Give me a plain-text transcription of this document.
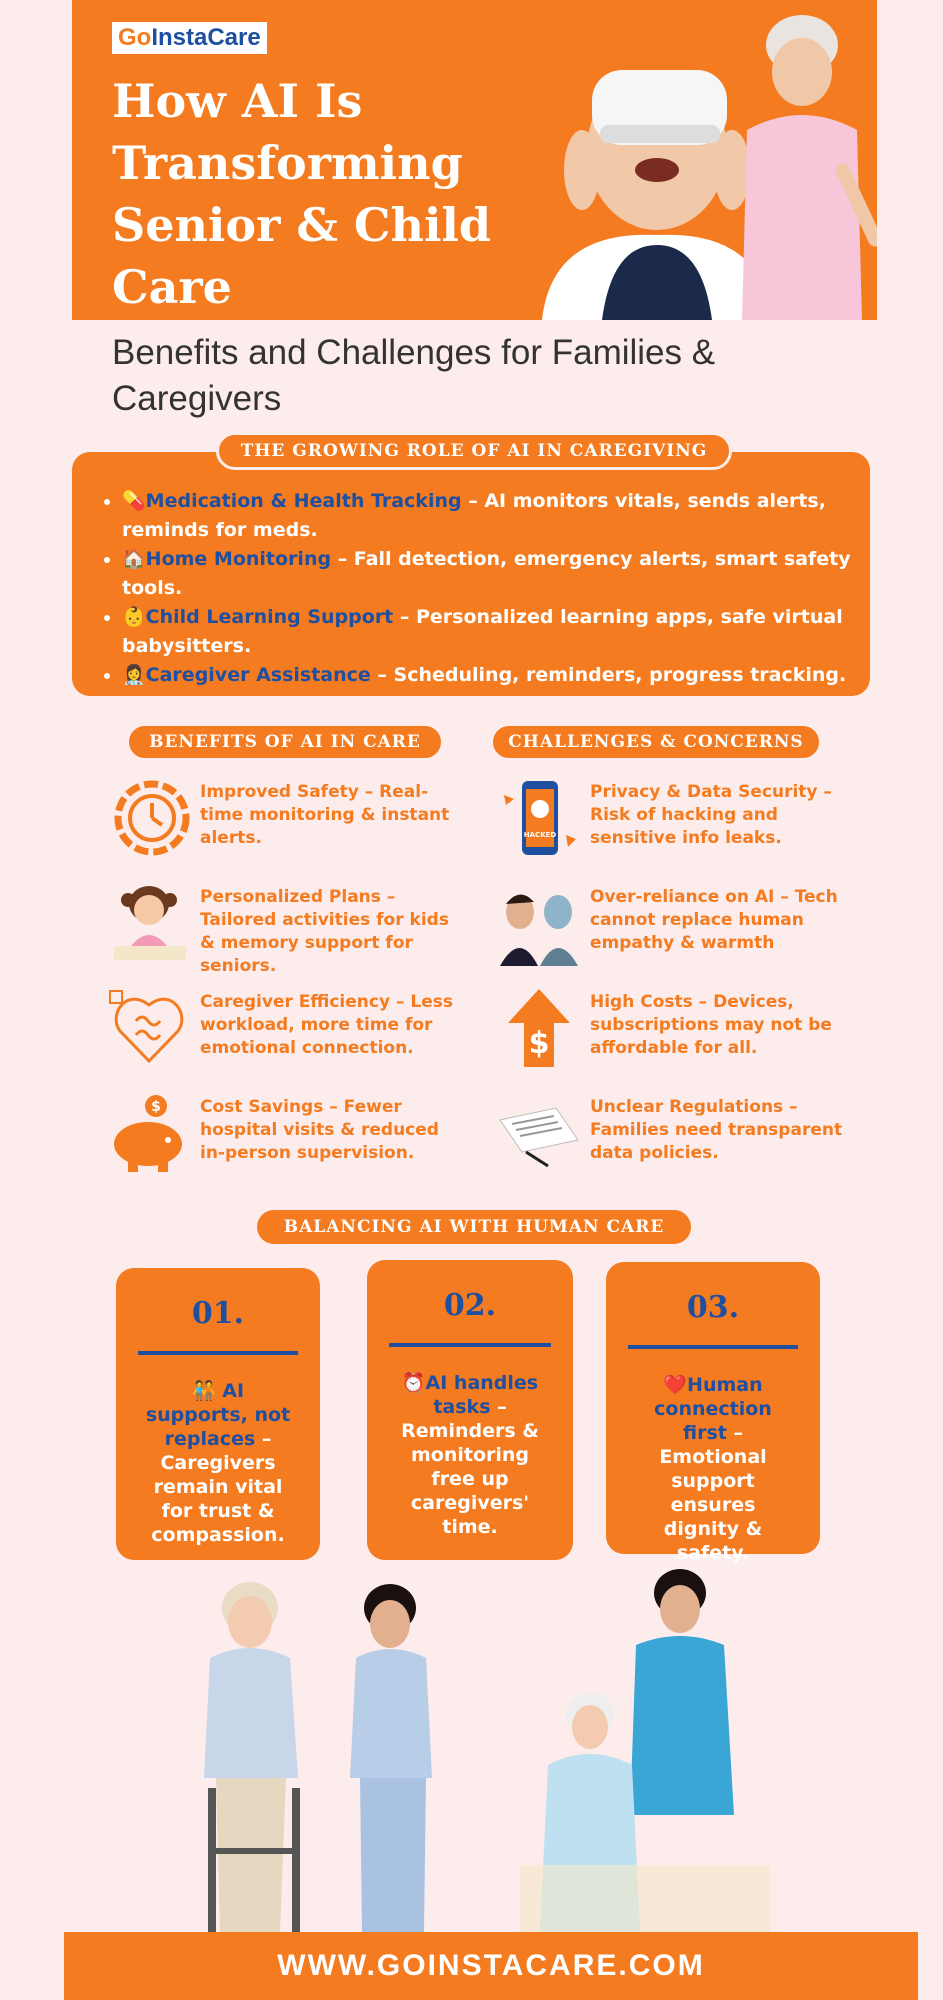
GoInstaCare
How AI Is Transforming Senior & Child Care
Benefits and Challenges for Families & Caregivers
• 💊Medication & Health Tracking – AI monitors vitals, sends alerts, reminds for meds.
• 🏠Home Monitoring – Fall detection, emergency alerts, smart safety tools.
• 👶Child Learning Support – Personalized learning apps, safe virtual babysitters.
• 👩‍⚕️Caregiver Assistance – Scheduling, reminders, progress tracking.
THE GROWING ROLE OF AI IN CAREGIVING
BENEFITS OF AI IN CARE	CHALLENGES & CONCERNS
Improved Safety – Real-time monitoring & instant alerts.
Personalized Plans – Tailored activities for kids & memory support for seniors.
Caregiver Efficiency – Less workload, more time for emotional connection.
$ Cost Savings – Fewer hospital visits & reduced in-person supervision.
HACKED
Privacy & Data Security – Risk of hacking and sensitive info leaks.
Over-reliance on AI – Tech cannot replace human empathy & warmth
$
High Costs – Devices, subscriptions may not be affordable for all.
Unclear Regulations – Families need transparent data policies.
BALANCING AI WITH HUMAN CARE
01.
🧑‍🤝‍🧑 AI supports, not replaces – Caregivers remain vital for trust & compassion.
02.
⏰AI handles tasks – Reminders & monitoring free up caregivers' time.
03.
❤️Human connection first – Emotional support ensures dignity & safety.
WWW.GOINSTACARE.COM
